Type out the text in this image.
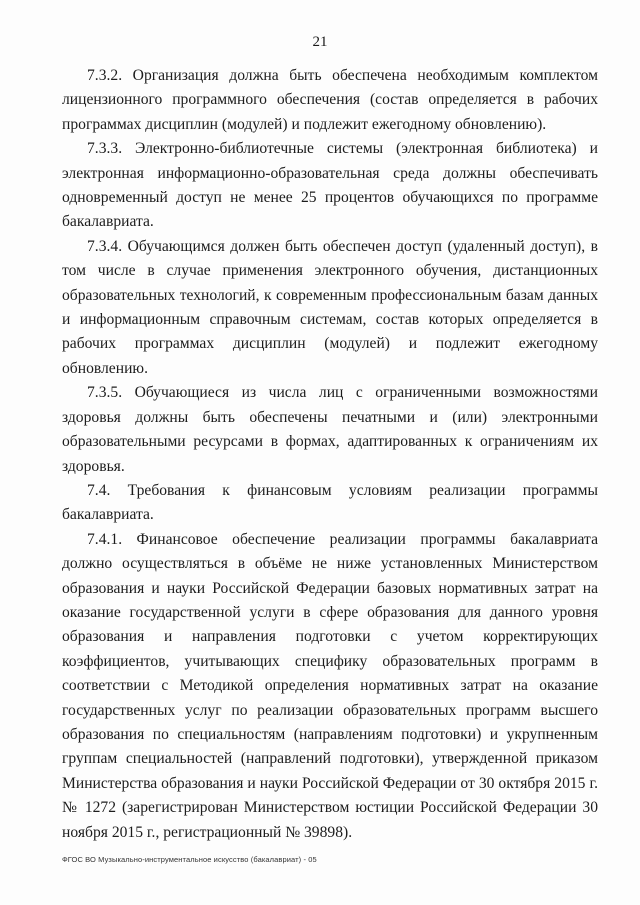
21

7.3.2. Организация должна быть обеспечена необходимым комплектом лицензионного программного обеспечения (состав определяется в рабочих программах дисциплин (модулей) и подлежит ежегодному обновлению).

7.3.3. Электронно-библиотечные системы (электронная библиотека) и электронная информационно-образовательная среда должны обеспечивать одновременный доступ не менее 25 процентов обучающихся по программе бакалавриата.

7.3.4. Обучающимся должен быть обеспечен доступ (удаленный доступ), в том числе в случае применения электронного обучения, дистанционных образовательных технологий, к современным профессиональным базам данных и информационным справочным системам, состав которых определяется в рабочих программах дисциплин (модулей) и подлежит ежегодному обновлению.

7.3.5. Обучающиеся из числа лиц с ограниченными возможностями здоровья должны быть обеспечены печатными и (или) электронными образовательными ресурсами в формах, адаптированных к ограничениям их здоровья.

7.4. Требования к финансовым условиям реализации программы бакалавриата.

7.4.1. Финансовое обеспечение реализации программы бакалавриата должно осуществляться в объёме не ниже установленных Министерством образования и науки Российской Федерации базовых нормативных затрат на оказание государственной услуги в сфере образования для данного уровня образования и направления подготовки с учетом корректирующих коэффициентов, учитывающих специфику образовательных программ в соответствии с Методикой определения нормативных затрат на оказание государственных услуг по реализации образовательных программ высшего образования по специальностям (направлениям подготовки) и укрупненным группам специальностей (направлений подготовки), утвержденной приказом Министерства образования и науки Российской Федерации от 30 октября 2015 г. № 1272 (зарегистрирован Министерством юстиции Российской Федерации 30 ноября 2015 г., регистрационный № 39898).

ФГОС ВО Музыкально-инструментальное искусство (бакалавриат) - 05
